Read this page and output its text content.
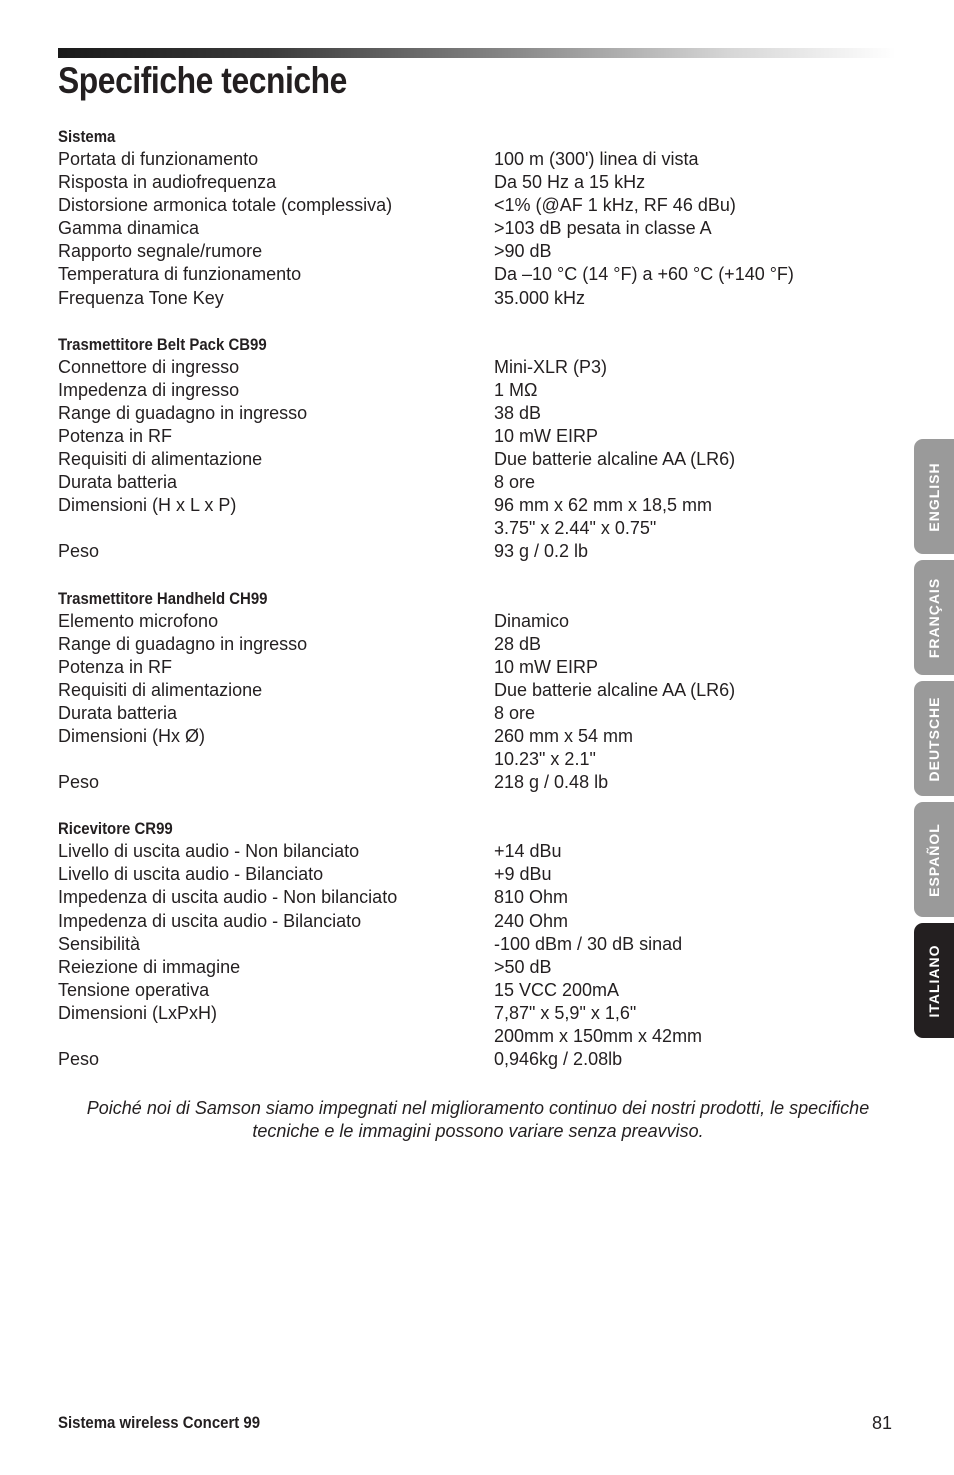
Specifiche tecniche
Sistema
Portata di funzionamento	100 m (300') linea di vista
Risposta in audiofrequenza	Da 50 Hz a 15 kHz
Distorsione armonica totale (complessiva)	<1% (@AF 1 kHz, RF 46 dBu)
Gamma dinamica	>103 dB pesata in classe A
Rapporto segnale/rumore	>90 dB
Temperatura di funzionamento	Da –10 °C (14 °F) a +60 °C (+140 °F)
Frequenza Tone Key	35.000 kHz
Trasmettitore Belt Pack CB99
Connettore di ingresso	Mini-XLR (P3)
Impedenza di ingresso	1 MΩ
Range di guadagno in ingresso	38 dB
Potenza in RF	10 mW EIRP
Requisiti di alimentazione	Due batterie alcaline AA (LR6)
Durata batteria	8 ore
Dimensioni (H x L x P)	96 mm x 62 mm x 18,5 mm
3.75" x 2.44" x 0.75"
Peso	93 g / 0.2 lb
Trasmettitore Handheld CH99
Elemento microfono	Dinamico
Range di guadagno in ingresso	28 dB
Potenza in RF	10 mW EIRP
Requisiti di alimentazione	Due batterie alcaline AA (LR6)
Durata batteria	8 ore
Dimensioni (Hx Ø)	260 mm x 54 mm
10.23" x 2.1"
Peso	218 g / 0.48 lb
Ricevitore CR99
Livello di uscita audio - Non bilanciato	+14 dBu
Livello di uscita audio - Bilanciato	+9 dBu
Impedenza di uscita audio - Non bilanciato	810 Ohm
Impedenza di uscita audio - Bilanciato	240 Ohm
Sensibilità	-100 dBm / 30 dB sinad
Reiezione di immagine	>50 dB
Tensione operativa	15 VCC 200mA
Dimensioni (LxPxH)	7,87" x 5,9" x 1,6"
200mm x 150mm x 42mm
Peso	0,946kg / 2.08lb

Poiché noi di Samson siamo impegnati nel miglioramento continuo dei nostri prodotti, le specifiche tecniche e le immagini possono variare senza preavviso.

Sistema wireless Concert 99	81
ENGLISH
FRANÇAIS
DEUTSCHE
ESPAÑOL
ITALIANO
